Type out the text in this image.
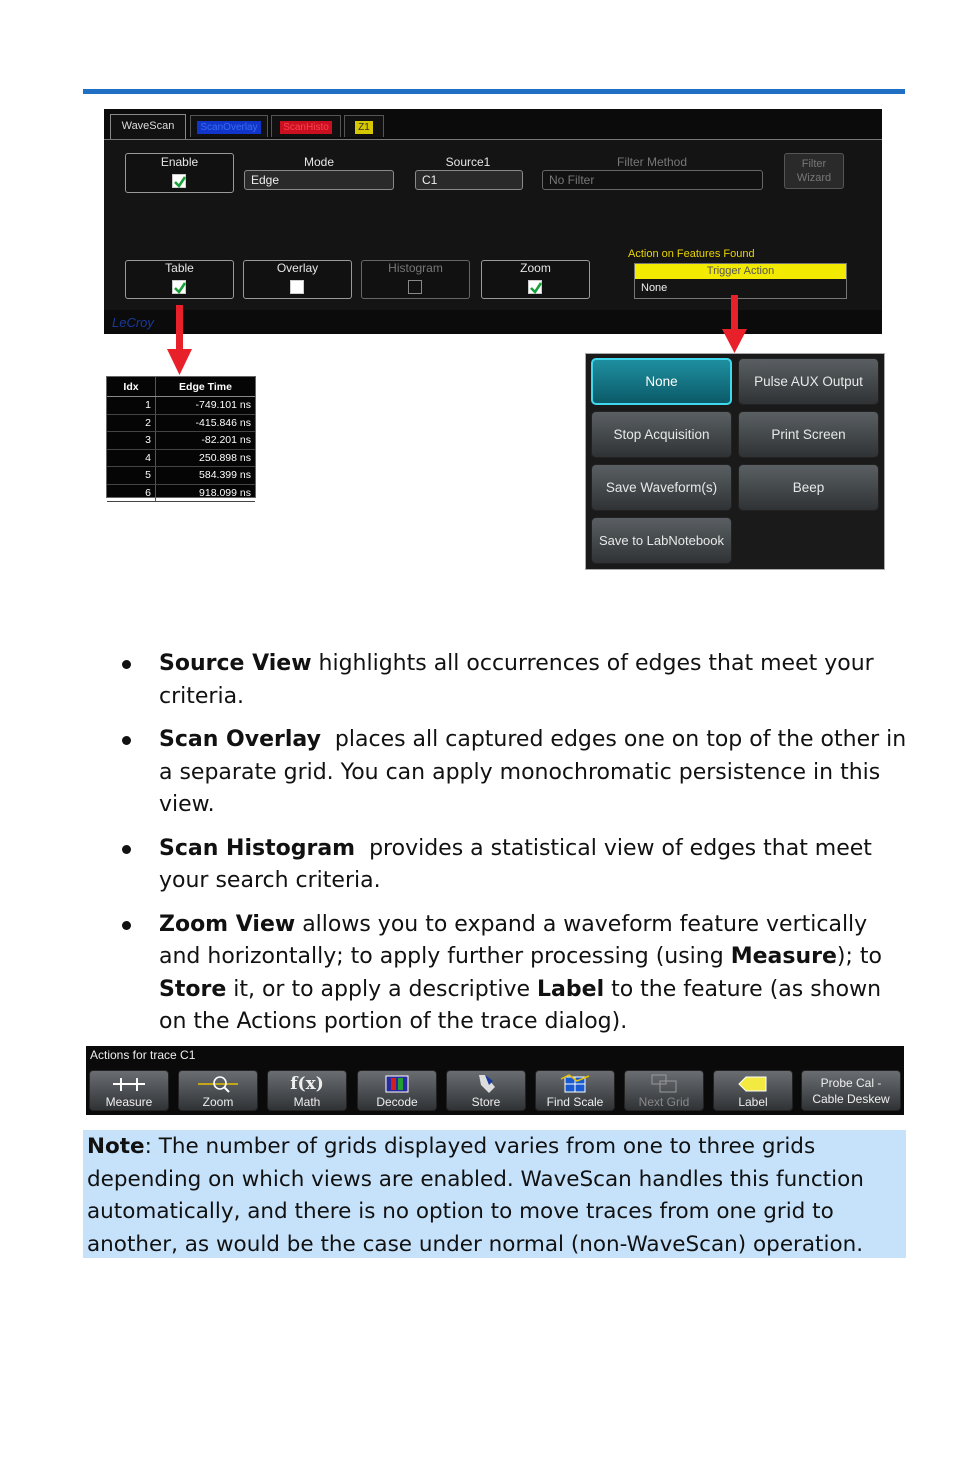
WaveScan	ScanOverlay	ScanHisto	Z1
Enable	Mode
Edge
Source1
C1
Filter Method
No Filter
Filter
Wizard
Table	Overlay	Histogram	Zoom
Action on Features Found
Trigger Action
None
LeCroy
Idx	Edge Time
1	-749.101 ns
2	-415.846 ns
3	-82.201 ns
4	250.898 ns
5	584.399 ns
6	918.099 ns
None	Pulse AUX Output
Stop Acquisition	Print Screen
Save Waveform(s)	Beep
Save to LabNotebook
Source View highlights all occurrences of edges that meet your criteria.
Scan Overlay  places all captured edges one on top of the other in a separate grid. You can apply monochromatic persistence in this view.
Scan Histogram  provides a statistical view of edges that meet your search criteria.
Zoom View allows you to expand a waveform feature vertically and horizontally; to apply further processing (using Measure); to Store it, or to apply a descriptive Label to the feature (as shown on the Actions portion of the trace dialog).
Actions for trace C1
Measure	Zoom
f(x)
Math	Decode	Store	Find Scale	Next Grid	Label
Probe Cal -
Cable Deskew
Note: The number of grids displayed varies from one to three grids depending on which views are enabled. WaveScan handles this function automatically, and there is no option to move traces from one grid to another, as would be the case under normal (non-WaveScan) operation.
